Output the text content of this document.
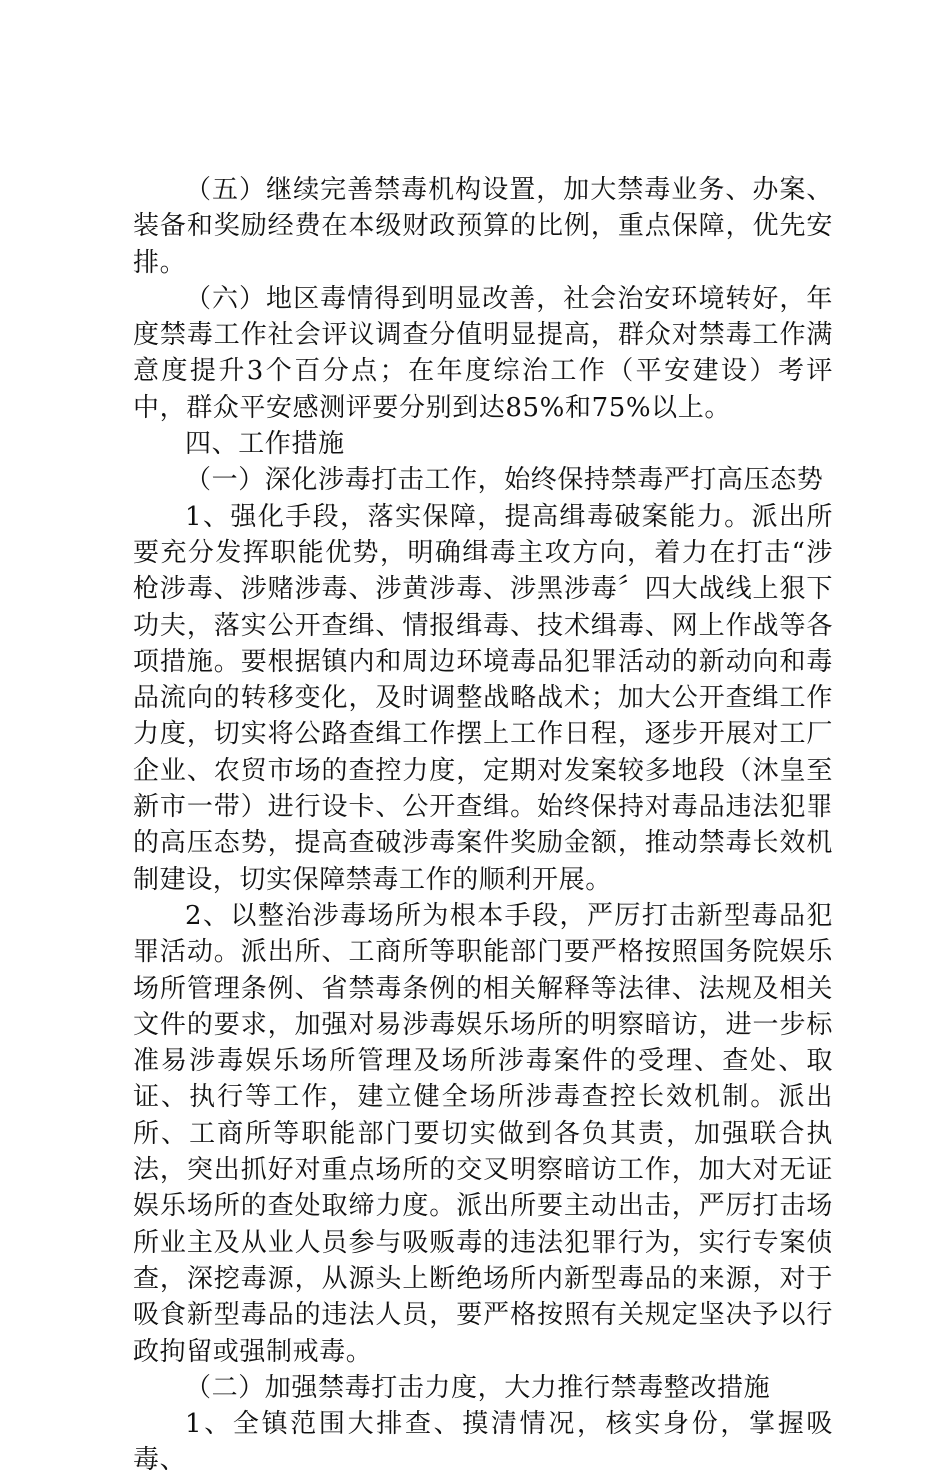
（五）继续完善禁毒机构设置，加大禁毒业务、办案、装备和奖励经费在本级财政预算的比例，重点保障，优先安排。

（六）地区毒情得到明显改善，社会治安环境转好，年度禁毒工作社会评议调查分值明显提高，群众对禁毒工作满意度提升3个百分点；在年度综治工作（平安建设）考评中，群众平安感测评要分别到达85%和75%以上。

四、工作措施

（一）深化涉毒打击工作，始终保持禁毒严打高压态势

1、强化手段，落实保障，提高缉毒破案能力。派出所要充分发挥职能优势，明确缉毒主攻方向，着力在打击“涉枪涉毒、涉赌涉毒、涉黄涉毒、涉黑涉毒〞四大战线上狠下功夫，落实公开查缉、情报缉毒、技术缉毒、网上作战等各项措施。要根据镇内和周边环境毒品犯罪活动的新动向和毒品流向的转移变化，及时调整战略战术；加大公开查缉工作力度，切实将公路查缉工作摆上工作日程，逐步开展对工厂企业、农贸市场的查控力度，定期对发案较多地段（沐皇至新市一带）进行设卡、公开查缉。始终保持对毒品违法犯罪的高压态势，提高查破涉毒案件奖励金额，推动禁毒长效机制建设，切实保障禁毒工作的顺利开展。

2、以整治涉毒场所为根本手段，严厉打击新型毒品犯罪活动。派出所、工商所等职能部门要严格按照国务院娱乐场所管理条例、省禁毒条例的相关解释等法律、法规及相关文件的要求，加强对易涉毒娱乐场所的明察暗访，进一步标准易涉毒娱乐场所管理及场所涉毒案件的受理、查处、取证、执行等工作，建立健全场所涉毒查控长效机制。派出所、工商所等职能部门要切实做到各负其责，加强联合执法，突出抓好对重点场所的交叉明察暗访工作，加大对无证娱乐场所的查处取缔力度。派出所要主动出击，严厉打击场所业主及从业人员参与吸贩毒的违法犯罪行为，实行专案侦查，深挖毒源，从源头上断绝场所内新型毒品的来源，对于吸食新型毒品的违法人员，要严格按照有关规定坚决予以行政拘留或强制戒毒。

（二）加强禁毒打击力度，大力推行禁毒整改措施

1、全镇范围大排查、摸清情况，核实身份，掌握吸毒、
